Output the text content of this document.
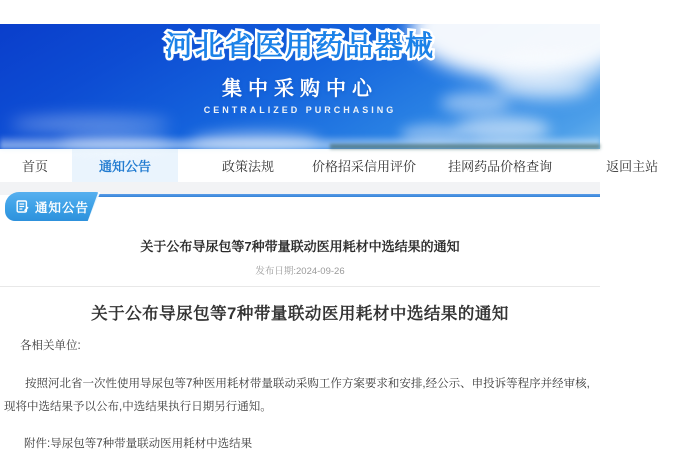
河北省医用药品器械 河北省医用药品器械
集中采购中心
CENTRALIZED PURCHASING
首页	通知公告	政策法规	价格招采信用评价	挂网药品价格查询	返回主站
通知公告
关于公布导尿包等7种带量联动医用耗材中选结果的通知
发布日期:2024-09-26
关于公布导尿包等7种带量联动医用耗材中选结果的通知
各相关单位:
按照河北省一次性使用导尿包等7种医用耗材带量联动采购工作方案要求和安排,经公示、申投诉等程序并经审核,现将中选结果予以公布,中选结果执行日期另行通知。
附件:导尿包等7种带量联动医用耗材中选结果
